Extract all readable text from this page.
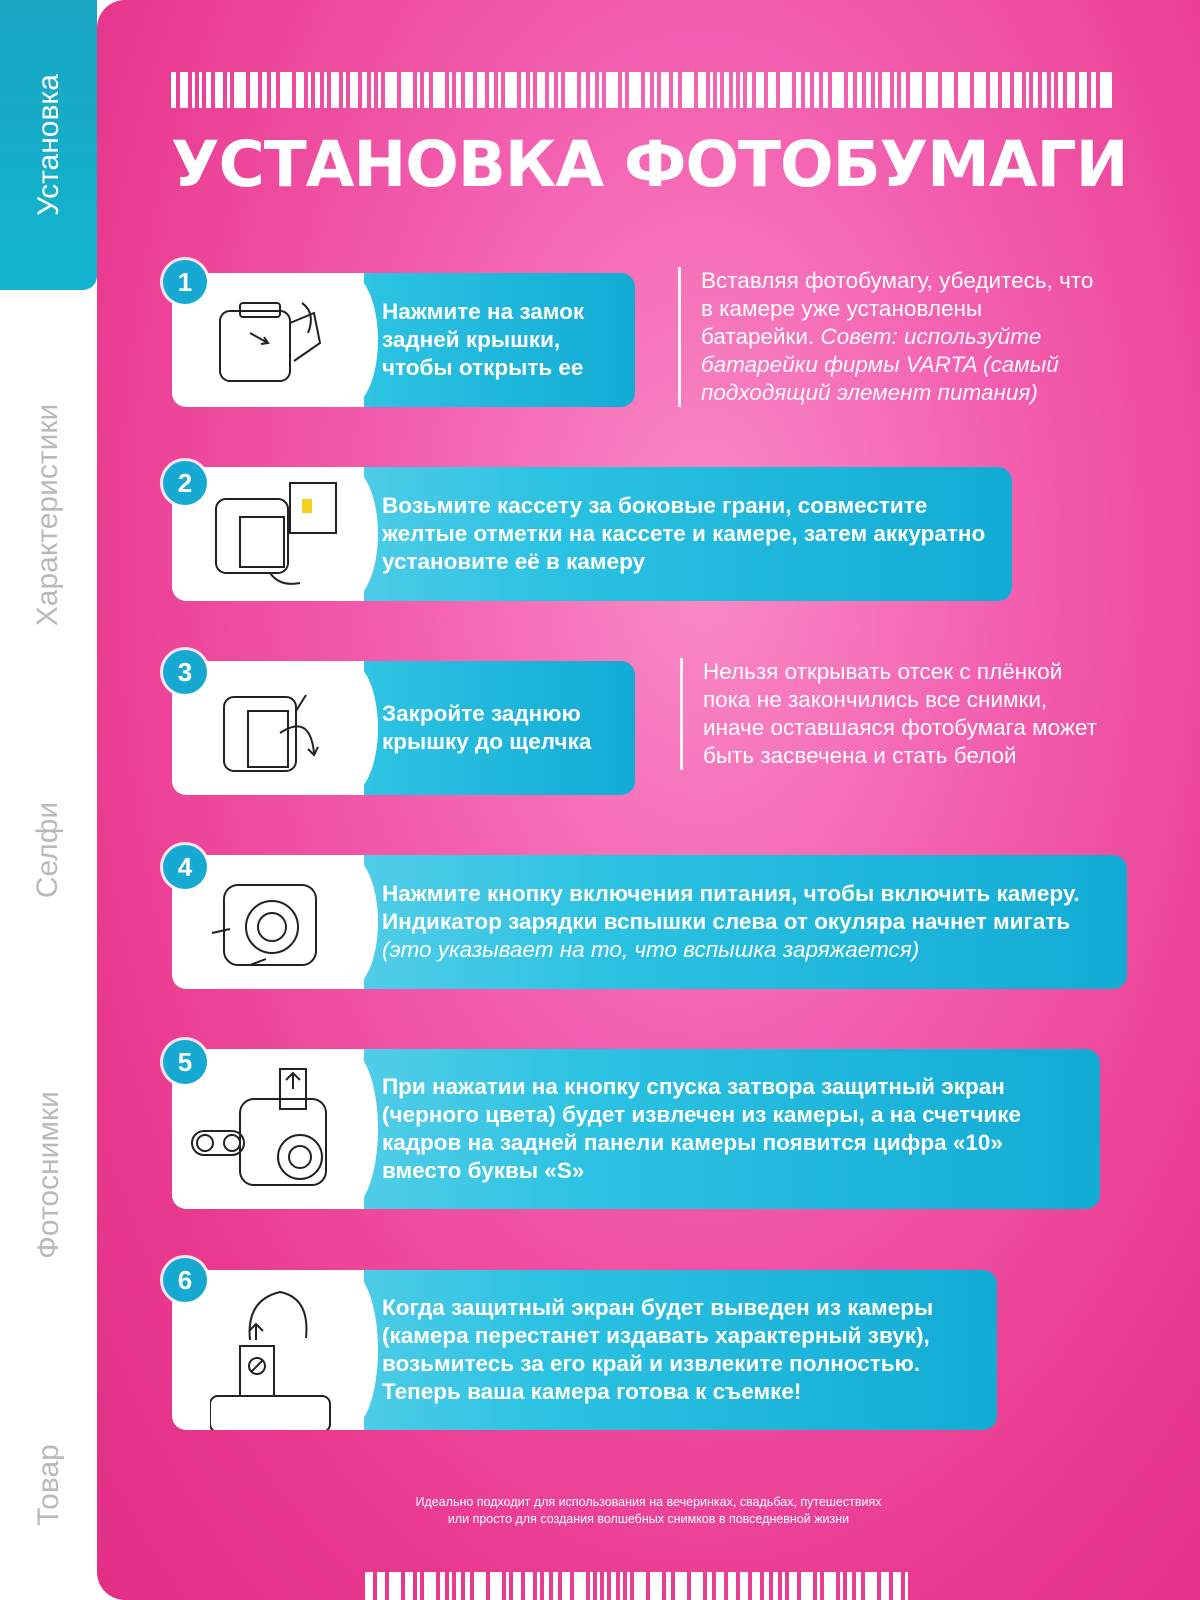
Установка
Характеристики
Селфи
Фотоснимки
Товар
УСТАНОВКА ФОТОБУМАГИ
Нажмите на замок задней крышки, чтобы открыть ее
1	Вставляя фотобумагу, убедитесь, что в камере уже установлены батарейки. Совет: используйте батарейки фирмы VARTA (самый подходящий элемент питания)
Возьмите кассету за боковые грани, совместите желтые отметки на кассете и камере, затем аккуратно установите её в камеру
2
Закройте заднюю крышку до щелчка
3	Нельзя открывать отсек с плёнкой пока не закончились все снимки, иначе оставшаяся фотобумага может быть засвечена и стать белой
Нажмите кнопку включения питания, чтобы включить камеру. Индикатор зарядки вспышки слева от окуляра начнет мигать (это указывает на то, что вспышка заряжается)
4
При нажатии на кнопку спуска затвора защитный экран (черного цвета) будет извлечен из камеры, а на счетчике кадров на задней панели камеры появится цифра «10» вместо буквы «S»
5
Когда защитный экран будет выведен из камеры (камера перестанет издавать характерный звук), возьмитесь за его край и извлеките полностью. Теперь ваша камера готова к съемке!
6
Идеально подходит для использования на вечеринках, свадьбах, путешествиях
или просто для создания волшебных снимков в повседневной жизни
